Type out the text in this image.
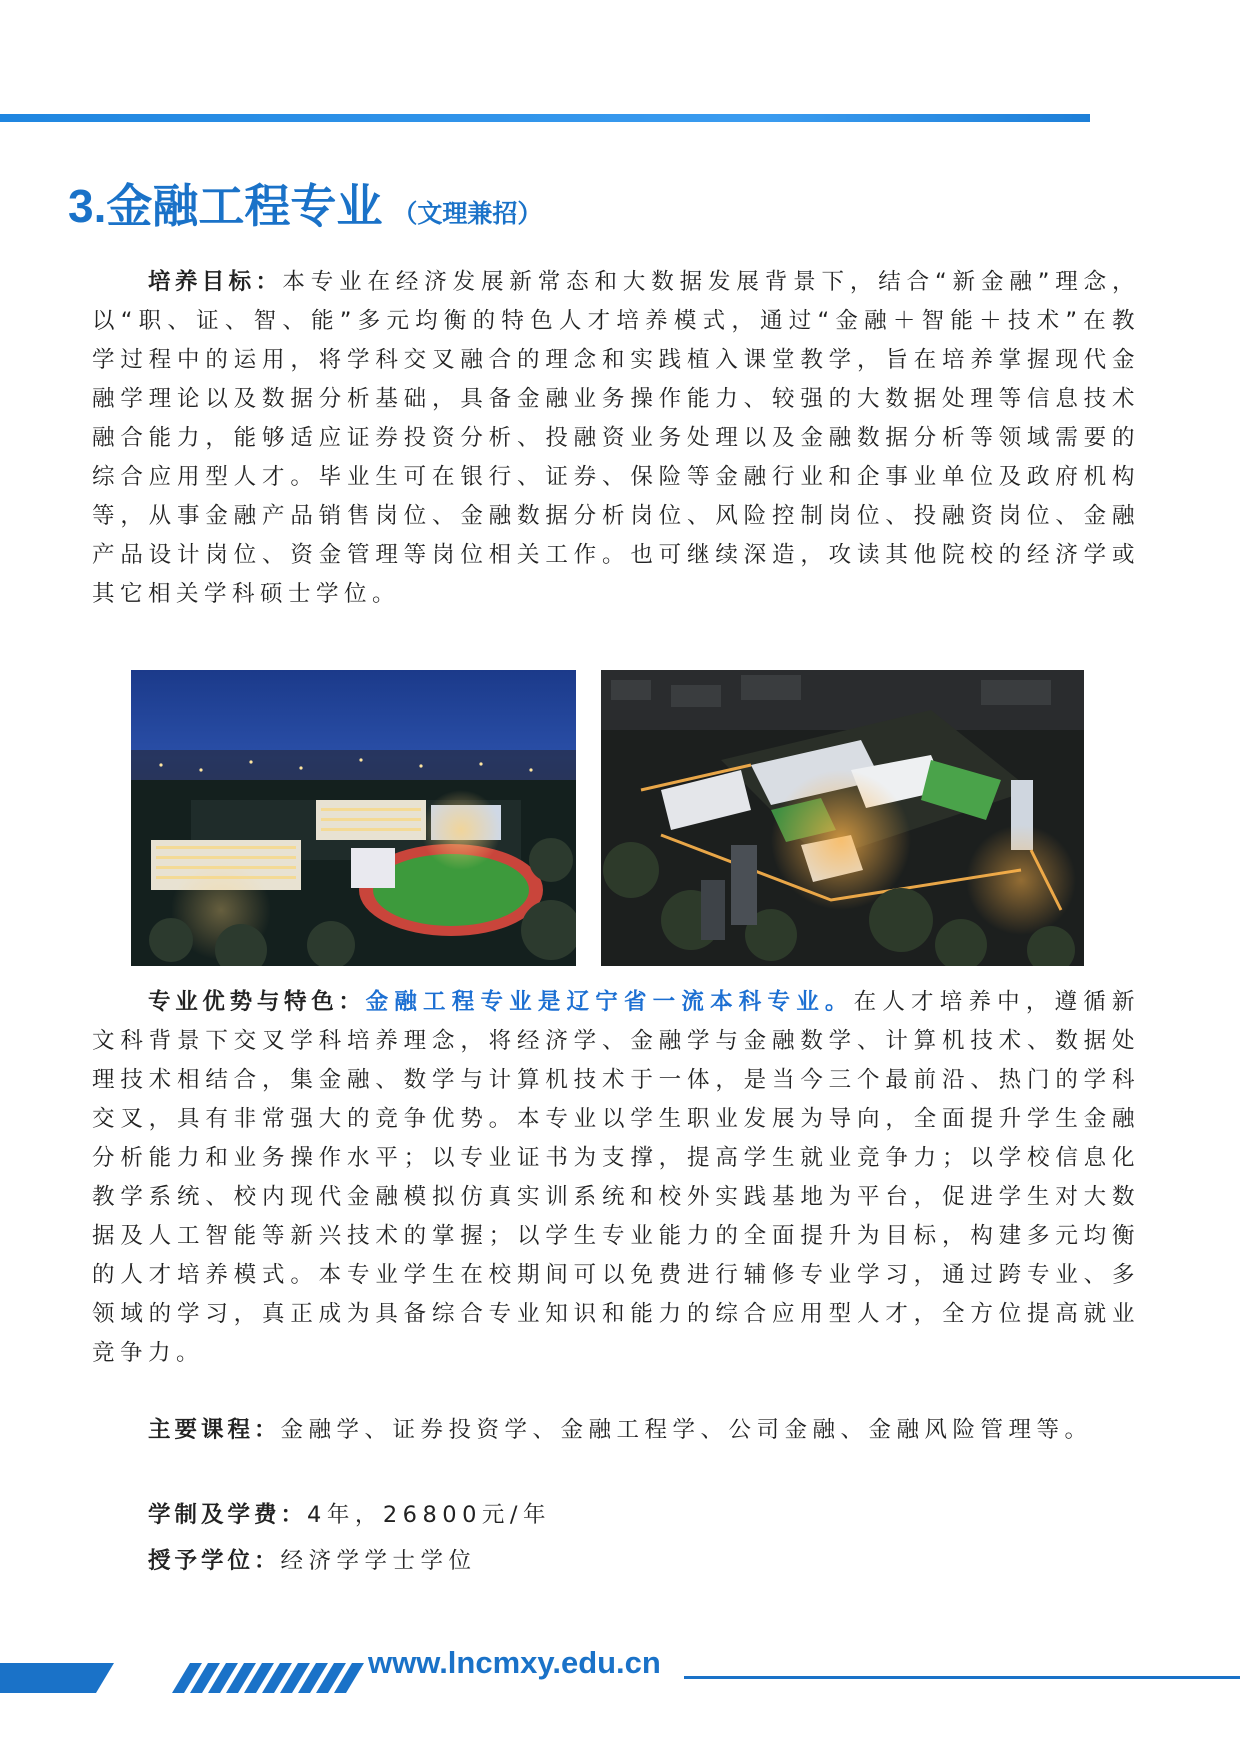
3.金融工程专业 （文理兼招）

培养目标：本专业在经济发展新常态和大数据发展背景下，结合“新金融”理念，以“职、证、智、能”多元均衡的特色人才培养模式，通过“金融＋智能＋技术”在教学过程中的运用，将学科交叉融合的理念和实践植入课堂教学，旨在培养掌握现代金融学理论以及数据分析基础，具备金融业务操作能力、较强的大数据处理等信息技术融合能力，能够适应证券投资分析、投融资业务处理以及金融数据分析等领域需要的综合应用型人才。毕业生可在银行、证券、保险等金融行业和企事业单位及政府机构等，从事金融产品销售岗位、金融数据分析岗位、风险控制岗位、投融资岗位、金融产品设计岗位、资金管理等岗位相关工作。也可继续深造，攻读其他院校的经济学或其它相关学科硕士学位。

专业优势与特色：金融工程专业是辽宁省一流本科专业。在人才培养中，遵循新文科背景下交叉学科培养理念，将经济学、金融学与金融数学、计算机技术、数据处理技术相结合，集金融、数学与计算机技术于一体，是当今三个最前沿、热门的学科交叉，具有非常强大的竞争优势。本专业以学生职业发展为导向，全面提升学生金融分析能力和业务操作水平；以专业证书为支撑，提高学生就业竞争力；以学校信息化教学系统、校内现代金融模拟仿真实训系统和校外实践基地为平台，促进学生对大数据及人工智能等新兴技术的掌握；以学生专业能力的全面提升为目标，构建多元均衡的人才培养模式。本专业学生在校期间可以免费进行辅修专业学习，通过跨专业、多领域的学习，真正成为具备综合专业知识和能力的综合应用型人才，全方位提高就业竞争力。

主要课程：金融学、证券投资学、金融工程学、公司金融、金融风险管理等。

学制及学费：4年，26800元/年

授予学位：经济学学士学位

4	www.lncmxy.edu.cn
